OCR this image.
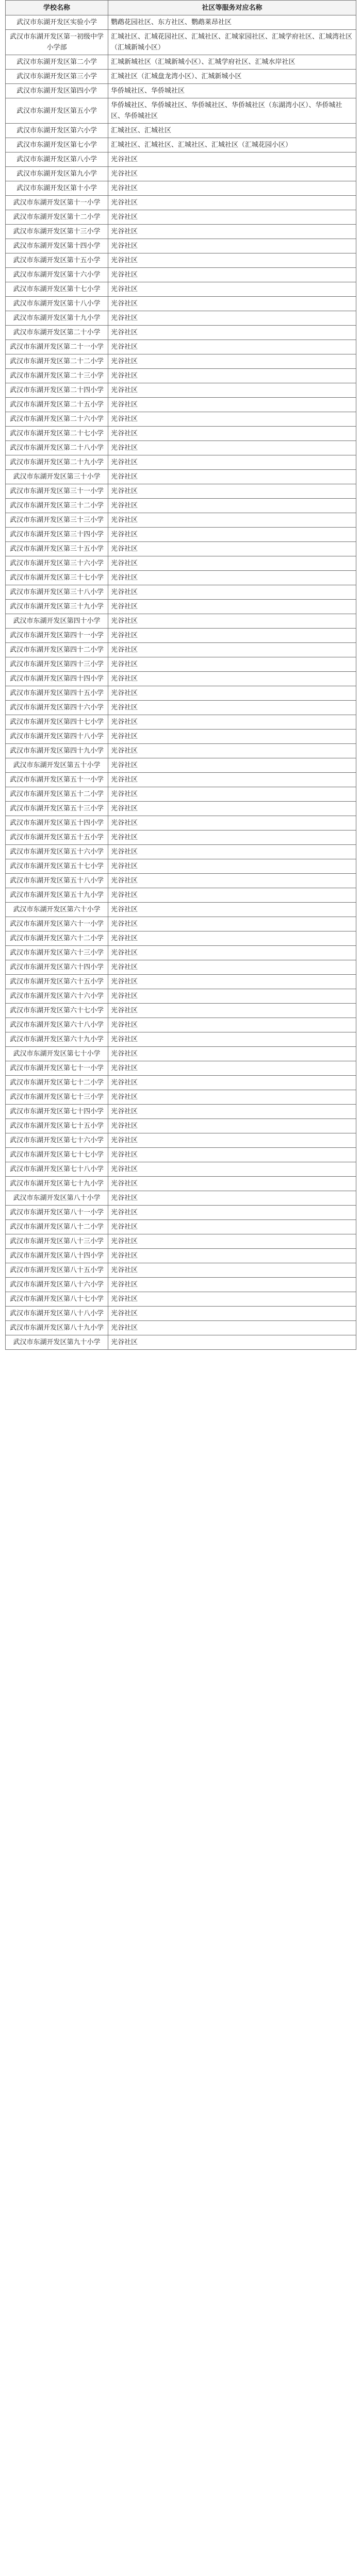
学校名称	社区等服务对应名称
武汉市东湖开发区实验小学	鹦鹉花园社区、东方社区、鹦鹉莱昂社区
武汉市东湖开发区第一初级中学小学部	汇城社区、汇城花园社区、汇城社区、汇城家园社区、汇城学府社区、汇城湾社区（汇城新城小区）
武汉市东湖开发区第二小学	汇城新城社区（汇城新城小区）、汇城学府社区、汇城水岸社区
武汉市东湖开发区第三小学	汇城社区（汇城盘龙湾小区）、汇城新城小区
武汉市东湖开发区第四小学	华侨城社区、华侨城社区
武汉市东湖开发区第五小学	华侨城社区、华侨城社区、华侨城社区、华侨城社区（东湖湾小区）、华侨城社区、华侨城社区
武汉市东湖开发区第六小学	汇城社区、汇城社区
武汉市东湖开发区第七小学	汇城社区、汇城社区、汇城社区、汇城社区（汇城花园小区）
武汉市东湖开发区第八小学	光谷社区
武汉市东湖开发区第九小学	光谷社区
武汉市东湖开发区第十小学	光谷社区
武汉市东湖开发区第十一小学	光谷社区
武汉市东湖开发区第十二小学	光谷社区
武汉市东湖开发区第十三小学	光谷社区
武汉市东湖开发区第十四小学	光谷社区
武汉市东湖开发区第十五小学	光谷社区
武汉市东湖开发区第十六小学	光谷社区
武汉市东湖开发区第十七小学	光谷社区
武汉市东湖开发区第十八小学	光谷社区
武汉市东湖开发区第十九小学	光谷社区
武汉市东湖开发区第二十小学	光谷社区
武汉市东湖开发区第二十一小学	光谷社区
武汉市东湖开发区第二十二小学	光谷社区
武汉市东湖开发区第二十三小学	光谷社区
武汉市东湖开发区第二十四小学	光谷社区
武汉市东湖开发区第二十五小学	光谷社区
武汉市东湖开发区第二十六小学	光谷社区
武汉市东湖开发区第二十七小学	光谷社区
武汉市东湖开发区第二十八小学	光谷社区
武汉市东湖开发区第二十九小学	光谷社区
武汉市东湖开发区第三十小学	光谷社区
武汉市东湖开发区第三十一小学	光谷社区
武汉市东湖开发区第三十二小学	光谷社区
武汉市东湖开发区第三十三小学	光谷社区
武汉市东湖开发区第三十四小学	光谷社区
武汉市东湖开发区第三十五小学	光谷社区
武汉市东湖开发区第三十六小学	光谷社区
武汉市东湖开发区第三十七小学	光谷社区
武汉市东湖开发区第三十八小学	光谷社区
武汉市东湖开发区第三十九小学	光谷社区
武汉市东湖开发区第四十小学	光谷社区
武汉市东湖开发区第四十一小学	光谷社区
武汉市东湖开发区第四十二小学	光谷社区
武汉市东湖开发区第四十三小学	光谷社区
武汉市东湖开发区第四十四小学	光谷社区
武汉市东湖开发区第四十五小学	光谷社区
武汉市东湖开发区第四十六小学	光谷社区
武汉市东湖开发区第四十七小学	光谷社区
武汉市东湖开发区第四十八小学	光谷社区
武汉市东湖开发区第四十九小学	光谷社区
武汉市东湖开发区第五十小学	光谷社区
武汉市东湖开发区第五十一小学	光谷社区
武汉市东湖开发区第五十二小学	光谷社区
武汉市东湖开发区第五十三小学	光谷社区
武汉市东湖开发区第五十四小学	光谷社区
武汉市东湖开发区第五十五小学	光谷社区
武汉市东湖开发区第五十六小学	光谷社区
武汉市东湖开发区第五十七小学	光谷社区
武汉市东湖开发区第五十八小学	光谷社区
武汉市东湖开发区第五十九小学	光谷社区
武汉市东湖开发区第六十小学	光谷社区
武汉市东湖开发区第六十一小学	光谷社区
武汉市东湖开发区第六十二小学	光谷社区
武汉市东湖开发区第六十三小学	光谷社区
武汉市东湖开发区第六十四小学	光谷社区
武汉市东湖开发区第六十五小学	光谷社区
武汉市东湖开发区第六十六小学	光谷社区
武汉市东湖开发区第六十七小学	光谷社区
武汉市东湖开发区第六十八小学	光谷社区
武汉市东湖开发区第六十九小学	光谷社区
武汉市东湖开发区第七十小学	光谷社区
武汉市东湖开发区第七十一小学	光谷社区
武汉市东湖开发区第七十二小学	光谷社区
武汉市东湖开发区第七十三小学	光谷社区
武汉市东湖开发区第七十四小学	光谷社区
武汉市东湖开发区第七十五小学	光谷社区
武汉市东湖开发区第七十六小学	光谷社区
武汉市东湖开发区第七十七小学	光谷社区
武汉市东湖开发区第七十八小学	光谷社区
武汉市东湖开发区第七十九小学	光谷社区
武汉市东湖开发区第八十小学	光谷社区
武汉市东湖开发区第八十一小学	光谷社区
武汉市东湖开发区第八十二小学	光谷社区
武汉市东湖开发区第八十三小学	光谷社区
武汉市东湖开发区第八十四小学	光谷社区
武汉市东湖开发区第八十五小学	光谷社区
武汉市东湖开发区第八十六小学	光谷社区
武汉市东湖开发区第八十七小学	光谷社区
武汉市东湖开发区第八十八小学	光谷社区
武汉市东湖开发区第八十九小学	光谷社区
武汉市东湖开发区第九十小学	光谷社区
